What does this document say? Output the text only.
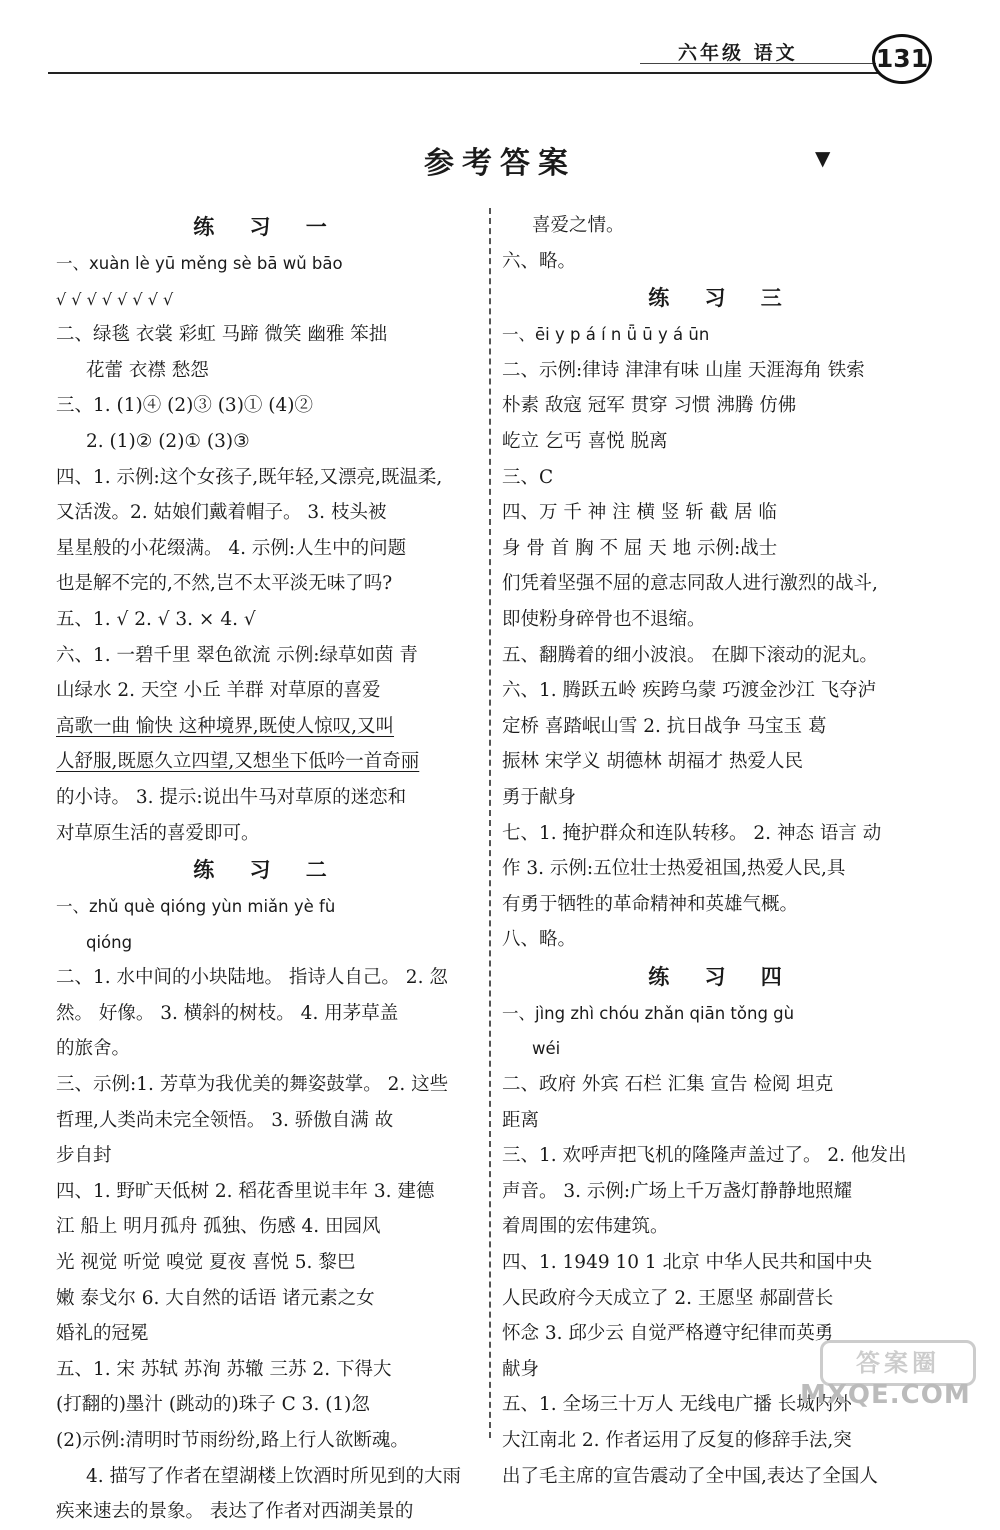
六年级 语文	131
参考答案	▼
练 习 一
一、xuàn lè yū měng sè bā wǔ bāo
√ √ √ √ √ √ √ √
二、绿毯 衣裳 彩虹 马蹄 微笑 幽雅 笨拙
花蕾 衣襟 愁怨
三、1. (1)④ (2)③ (3)① (4)②
2. (1)② (2)① (3)③
四、1. 示例:这个女孩子,既年轻,又漂亮,既温柔,
又活泼。2. 姑娘们戴着帽子。 3. 枝头被
星星般的小花缀满。 4. 示例:人生中的问题
也是解不完的,不然,岂不太平淡无味了吗?
五、1. √ 2. √ 3. × 4. √
六、1. 一碧千里 翠色欲流 示例:绿草如茵 青
山绿水 2. 天空 小丘 羊群 对草原的喜爱
高歌一曲 愉快 这种境界,既使人惊叹,又叫
人舒服,既愿久立四望,又想坐下低吟一首奇丽
的小诗。 3. 提示:说出牛马对草原的迷恋和
对草原生活的喜爱即可。
练 习 二
一、zhǔ què qióng yùn miǎn yè fù
qióng
二、1. 水中间的小块陆地。 指诗人自己。 2. 忽
然。 好像。 3. 横斜的树枝。 4. 用茅草盖
的旅舍。
三、示例:1. 芳草为我优美的舞姿鼓掌。 2. 这些
哲理,人类尚未完全领悟。 3. 骄傲自满 故
步自封
四、1. 野旷天低树 2. 稻花香里说丰年 3. 建德
江 船上 明月孤舟 孤独、伤感 4. 田园风
光 视觉 听觉 嗅觉 夏夜 喜悦 5. 黎巴
嫩 泰戈尔 6. 大自然的话语 诸元素之女
婚礼的冠冕
五、1. 宋 苏轼 苏洵 苏辙 三苏 2. 下得大
(打翻的)墨汁 (跳动的)珠子 C 3. (1)忽
(2)示例:清明时节雨纷纷,路上行人欲断魂。
4. 描写了作者在望湖楼上饮酒时所见到的大雨
疾来速去的景象。 表达了作者对西湖美景的
喜爱之情。
六、略。
练 习 三
一、ēi y p á í n ǖ ū y á ūn
二、示例:律诗 津津有味 山崖 天涯海角 铁索
朴素 敌寇 冠军 贯穿 习惯 沸腾 仿佛
屹立 乞丐 喜悦 脱离
三、C
四、万 千 神 注 横 竖 斩 截 居 临
身 骨 首 胸 不 屈 天 地 示例:战士
们凭着坚强不屈的意志同敌人进行激烈的战斗,
即使粉身碎骨也不退缩。
五、翻腾着的细小波浪。 在脚下滚动的泥丸。
六、1. 腾跃五岭 疾跨乌蒙 巧渡金沙江 飞夺泸
定桥 喜踏岷山雪 2. 抗日战争 马宝玉 葛
振林 宋学义 胡德林 胡福才 热爱人民
勇于献身
七、1. 掩护群众和连队转移。 2. 神态 语言 动
作 3. 示例:五位壮士热爱祖国,热爱人民,具
有勇于牺牲的革命精神和英雄气概。
八、略。
练 习 四
一、jìng zhì chóu zhǎn qiān tǒng gù
wéi
二、政府 外宾 石栏 汇集 宣告 检阅 坦克
距离
三、1. 欢呼声把飞机的隆隆声盖过了。 2. 他发出
声音。 3. 示例:广场上千万盏灯静静地照耀
着周围的宏伟建筑。
四、1. 1949 10 1 北京 中华人民共和国中央
人民政府今天成立了 2. 王愿坚 郝副营长
怀念 3. 邱少云 自觉严格遵守纪律而英勇
献身
五、1. 全场三十万人 无线电广播 长城内外
大江南北 2. 作者运用了反复的修辞手法,突
出了毛主席的宣告震动了全中国,表达了全国人
答案圈
MXQE.COM
